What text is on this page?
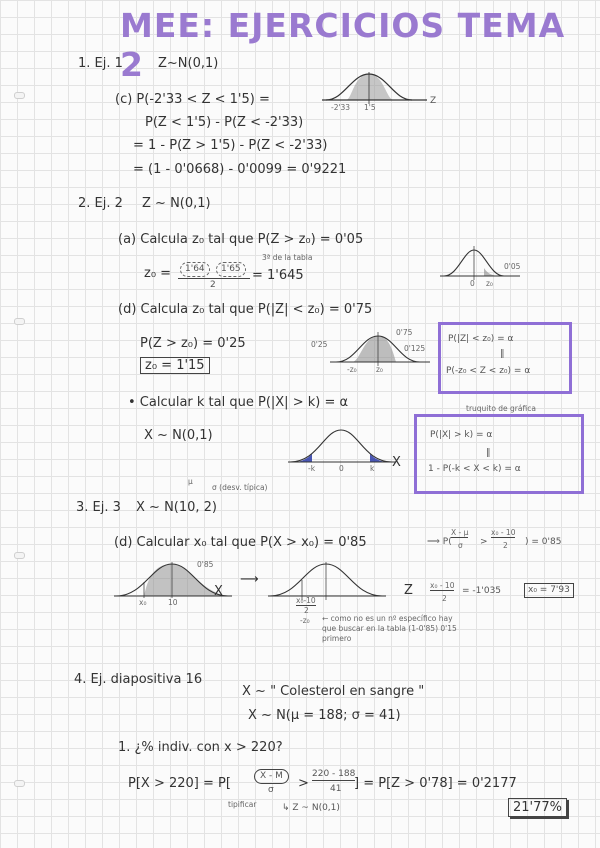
MEE: EJERCICIOS TEMA 2
1. Ej. 1	Z~N(0,1)
(c) P(-2'33 < Z < 1'5) =
P(Z < 1'5) - P(Z < -2'33)
= 1 - P(Z > 1'5) - P(Z < -2'33)
= (1 - 0'0668) - 0'0099 = 0'9221
-2'33 1'5
Z
2. Ej. 2 Z ~ N(0,1)
(a) Calcula z₀ tal que P(Z > z₀) = 0'05
3ª de la tabla
z₀ =	1'64	1'65
2
= 1'645
0'05
0 z₀
(d) Calcula z₀ tal que P(|Z| < z₀) = 0'75
P(Z > z₀) = 0'25
z₀ = 1'15
0'25
0'75
0'125
-z₀	z₀
P(|Z| < z₀) = α
‖
P(-z₀ < Z < z₀) = α
• Calcular k tal que P(|X| > k) = α	truquito de gráfica
X ~ N(0,1)	P(|X| > k) = α
‖
1 - P(-k < X < k) = α
-k	0	k X
μ
σ (desv. típica)
3. Ej. 3 X ~ N(10, 2)
(d) Calcular x₀ tal que P(X > x₀) = 0'85	⟹ P(
X - μ
σ >
x₀ - 10
2 ) = 0'85
0'85
x₀	10
X
⟶
x₀-10
2
-z₀
Z
← como no es un nº específico hay que buscar en la tabla (1-0'85) 0'15 primero
x₀ - 10
2
= -1'035	x₀ = 7'93
4. Ej. diapositiva 16
X ~ " Colesterol en sangre "
X ~ N(μ = 188; σ = 41)
1. ¿% indiv. con x > 220?
P[X > 220] = P[	X - M
σ >
220 - 188
41 ] = P[Z > 0'78] = 0'2177
tipificar	↳ Z ~ N(0,1)	21'77%
